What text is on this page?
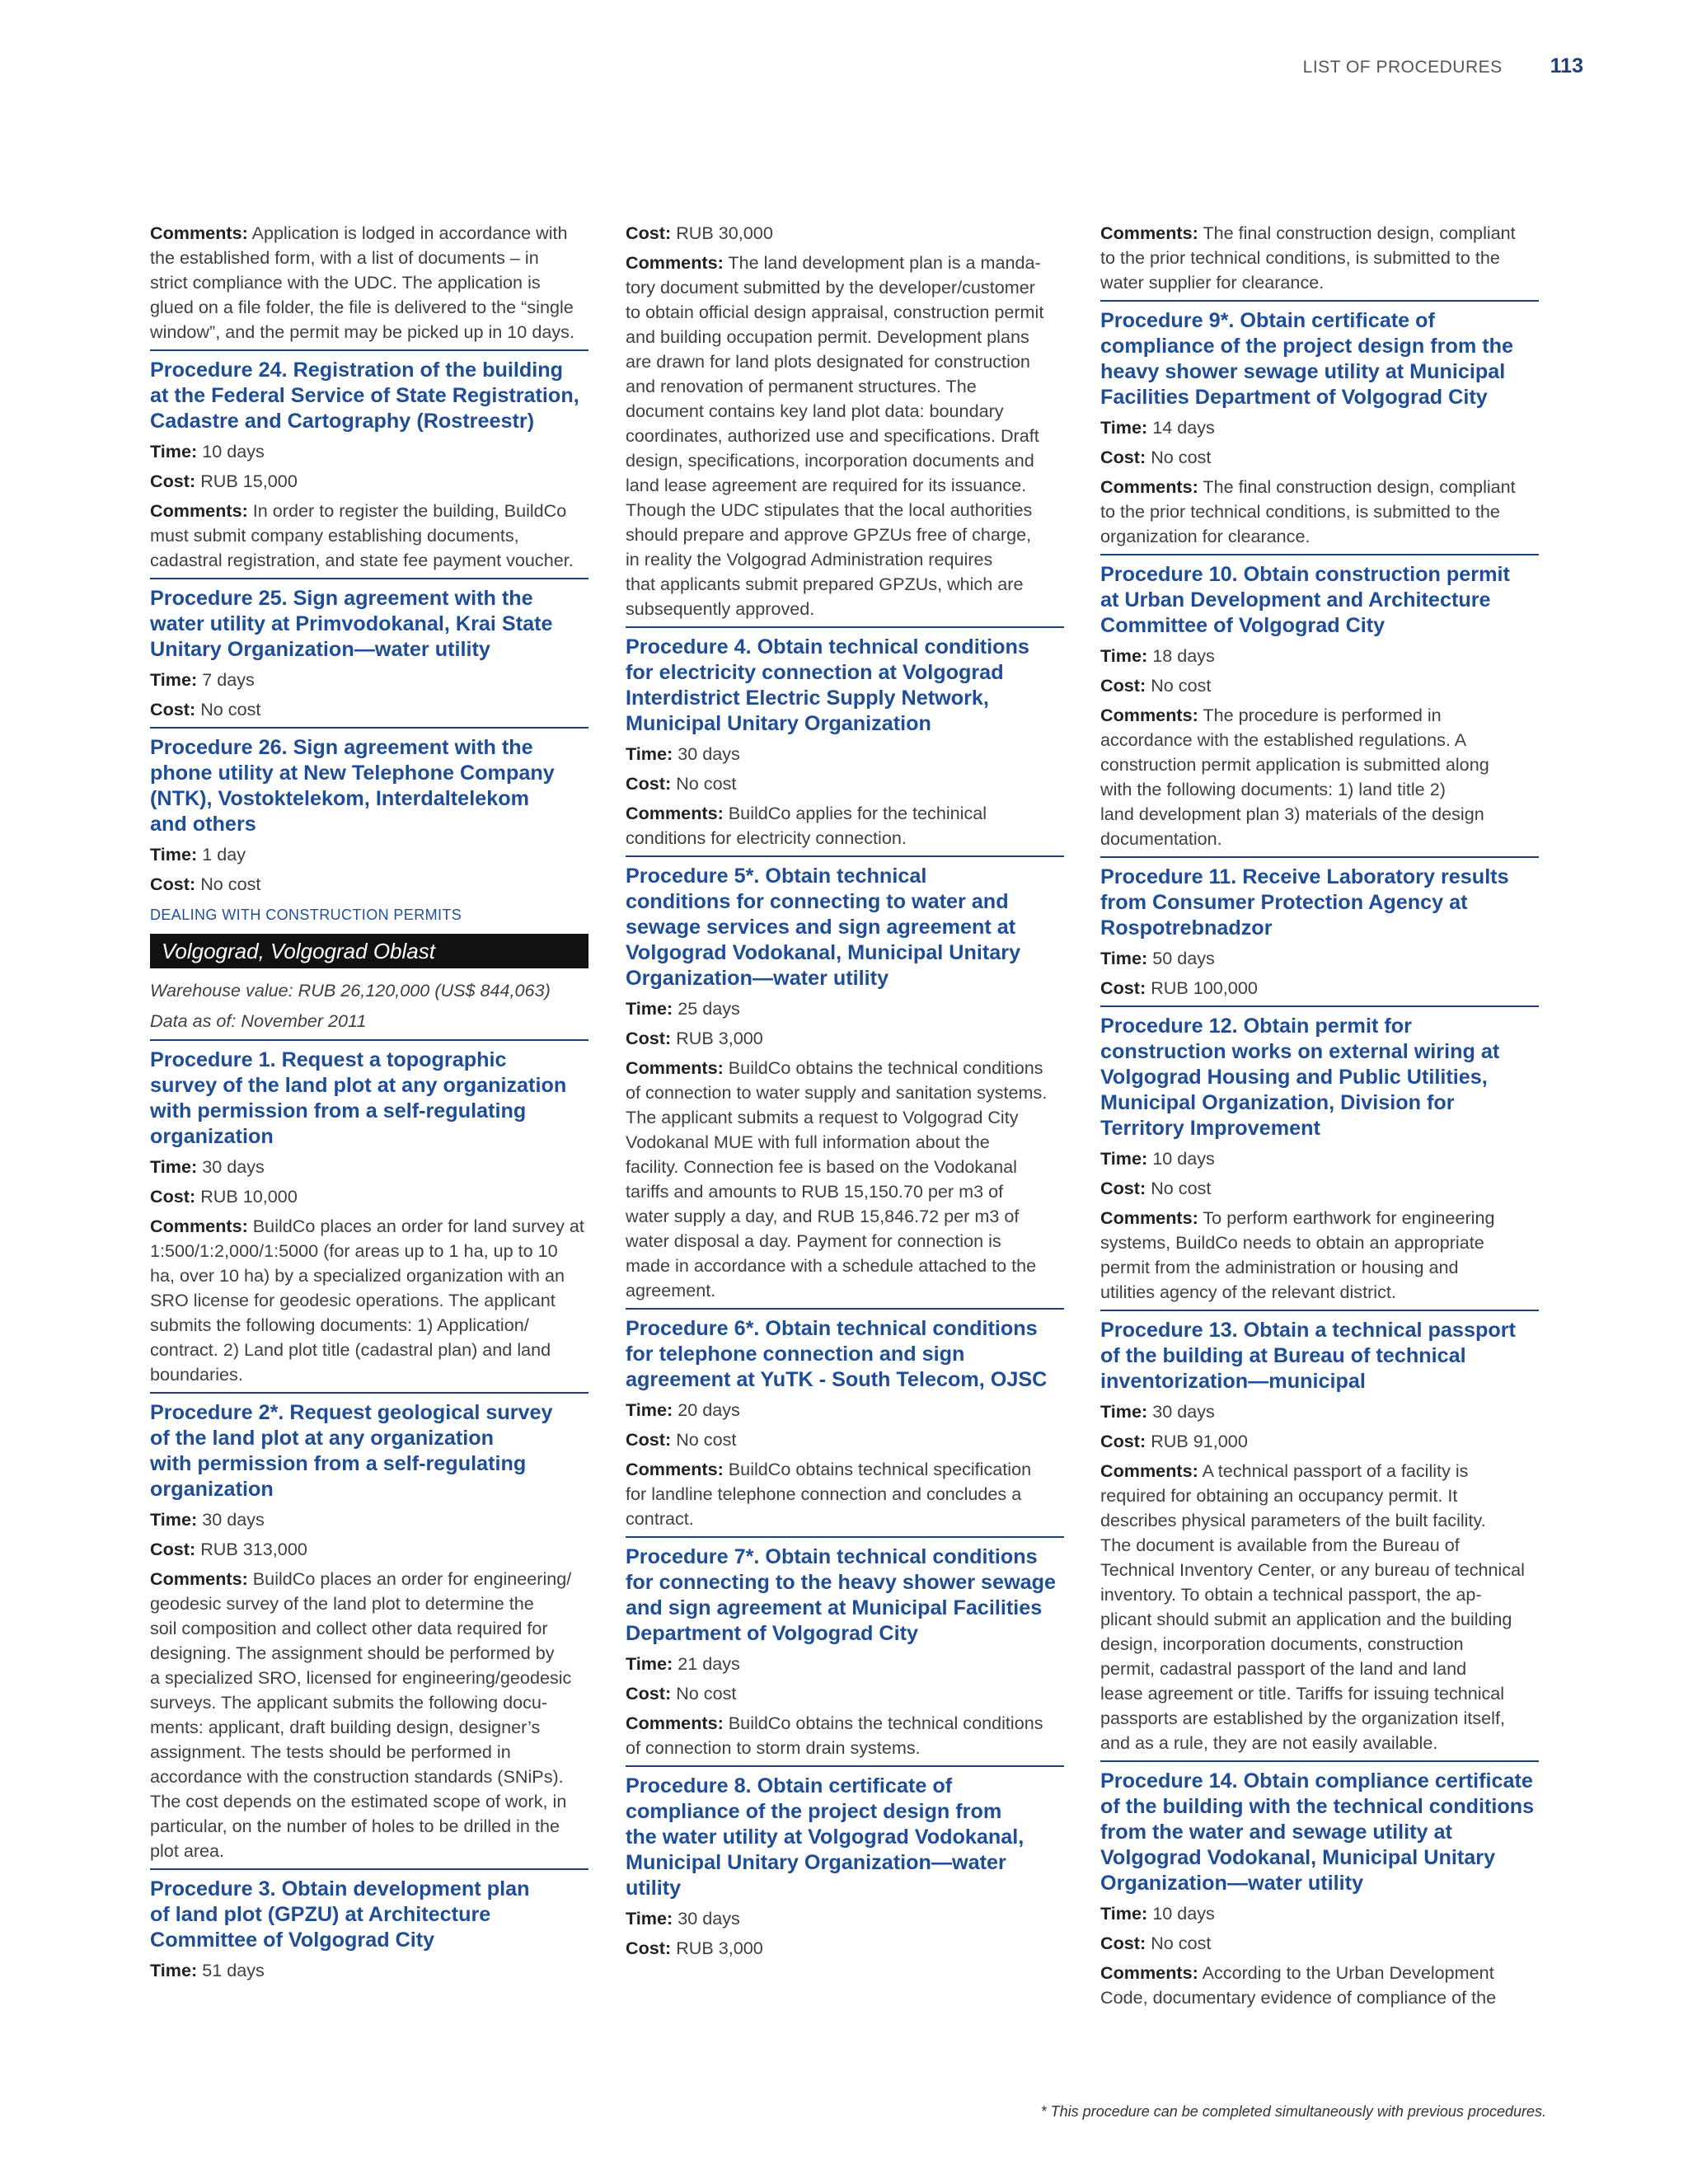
LIST OF PROCEDURES 113
Comments: Application is lodged in accordance with
the established form, with a list of documents – in
strict compliance with the UDC. The application is
glued on a file folder, the file is delivered to the “single
window”, and the permit may be picked up in 10 days.
Procedure 24. Registration of the building
at the Federal Service of State Registration,
Cadastre and Cartography (Rostreestr)
Time: 10 days
Cost: RUB 15,000
Comments: In order to register the building, BuildCo
must submit company establishing documents,
cadastral registration, and state fee payment voucher.
Procedure 25. Sign agreement with the
water utility at Primvodokanal, Krai State
Unitary Organization—water utility
Time: 7 days
Cost: No cost
Procedure 26. Sign agreement with the
phone utility at New Telephone Company
(NTK), Vostoktelekom, Interdaltelekom
and others
Time: 1 day
Cost: No cost
DEALING WITH CONSTRUCTION PERMITS
Volgograd, Volgograd Oblast
Warehouse value: RUB 26,120,000 (US$ 844,063)
Data as of: November 2011
Procedure 1. Request a topographic
survey of the land plot at any organization
with permission from a self-regulating
organization
Time: 30 days
Cost: RUB 10,000
Comments: BuildCo places an order for land survey at
1:500/1:2,000/1:5000 (for areas up to 1 ha, up to 10
ha, over 10 ha) by a specialized organization with an
SRO license for geodesic operations. The applicant
submits the following documents: 1) Application/
contract. 2) Land plot title (cadastral plan) and land
boundaries.
Procedure 2*. Request geological survey
of the land plot at any organization
with permission from a self-regulating
organization
Time: 30 days
Cost: RUB 313,000
Comments: BuildCo places an order for engineering/
geodesic survey of the land plot to determine the
soil composition and collect other data required for
designing. The assignment should be performed by
a specialized SRO, licensed for engineering/geodesic
surveys. The applicant submits the following docu-
ments: applicant, draft building design, designer’s
assignment. The tests should be performed in
accordance with the construction standards (SNiPs).
The cost depends on the estimated scope of work, in
particular, on the number of holes to be drilled in the
plot area.
Procedure 3. Obtain development plan
of land plot (GPZU) at Architecture
Committee of Volgograd City
Time: 51 days
Cost: RUB 30,000
Comments: The land development plan is a manda-
tory document submitted by the developer/customer
to obtain official design appraisal, construction permit
and building occupation permit. Development plans
are drawn for land plots designated for construction
and renovation of permanent structures. The
document contains key land plot data: boundary
coordinates, authorized use and specifications. Draft
design, specifications, incorporation documents and
land lease agreement are required for its issuance.
Though the UDC stipulates that the local authorities
should prepare and approve GPZUs free of charge,
in reality the Volgograd Administration requires
that applicants submit prepared GPZUs, which are
subsequently approved.
Procedure 4. Obtain technical conditions
for electricity connection at Volgograd
Interdistrict Electric Supply Network,
Municipal Unitary Organization
Time: 30 days
Cost: No cost
Comments: BuildCo applies for the techinical
conditions for electricity connection.
Procedure 5*. Obtain technical
conditions for connecting to water and
sewage services and sign agreement at
Volgograd Vodokanal, Municipal Unitary
Organization—water utility
Time: 25 days
Cost: RUB 3,000
Comments: BuildCo obtains the technical conditions
of connection to water supply and sanitation systems.
The applicant submits a request to Volgograd City
Vodokanal MUE with full information about the
facility. Connection fee is based on the Vodokanal
tariffs and amounts to RUB 15,150.70 per m3 of
water supply a day, and RUB 15,846.72 per m3 of
water disposal a day. Payment for connection is
made in accordance with a schedule attached to the
agreement.
Procedure 6*. Obtain technical conditions
for telephone connection and sign
agreement at YuTK - South Telecom, OJSC
Time: 20 days
Cost: No cost
Comments: BuildCo obtains technical specification
for landline telephone connection and concludes a
contract.
Procedure 7*. Obtain technical conditions
for connecting to the heavy shower sewage
and sign agreement at Municipal Facilities
Department of Volgograd City
Time: 21 days
Cost: No cost
Comments: BuildCo obtains the technical conditions
of connection to storm drain systems.
Procedure 8. Obtain certificate of
compliance of the project design from
the water utility at Volgograd Vodokanal,
Municipal Unitary Organization—water
utility
Time: 30 days
Cost: RUB 3,000
Comments: The final construction design, compliant
to the prior technical conditions, is submitted to the
water supplier for clearance.
Procedure 9*. Obtain certificate of
compliance of the project design from the
heavy shower sewage utility at Municipal
Facilities Department of Volgograd City
Time: 14 days
Cost: No cost
Comments: The final construction design, compliant
to the prior technical conditions, is submitted to the
organization for clearance.
Procedure 10. Obtain construction permit
at Urban Development and Architecture
Committee of Volgograd City
Time: 18 days
Cost: No cost
Comments: The procedure is performed in
accordance with the established regulations. A
construction permit application is submitted along
with the following documents: 1) land title 2)
land development plan 3) materials of the design
documentation.
Procedure 11. Receive Laboratory results
from Consumer Protection Agency at
Rospotrebnadzor
Time: 50 days
Cost: RUB 100,000
Procedure 12. Obtain permit for
construction works on external wiring at
Volgograd Housing and Public Utilities,
Municipal Organization, Division for
Territory Improvement
Time: 10 days
Cost: No cost
Comments: To perform earthwork for engineering
systems, BuildCo needs to obtain an appropriate
permit from the administration or housing and
utilities agency of the relevant district.
Procedure 13. Obtain a technical passport
of the building at Bureau of technical
inventorization—municipal
Time: 30 days
Cost: RUB 91,000
Comments: A technical passport of a facility is
required for obtaining an occupancy permit. It
describes physical parameters of the built facility.
The document is available from the Bureau of
Technical Inventory Center, or any bureau of technical
inventory. To obtain a technical passport, the ap-
plicant should submit an application and the building
design, incorporation documents, construction
permit, cadastral passport of the land and land
lease agreement or title. Tariffs for issuing technical
passports are established by the organization itself,
and as a rule, they are not easily available.
Procedure 14. Obtain compliance certificate
of the building with the technical conditions
from the water and sewage utility at
Volgograd Vodokanal, Municipal Unitary
Organization—water utility
Time: 10 days
Cost: No cost
Comments: According to the Urban Development
Code, documentary evidence of compliance of the
* This procedure can be completed simultaneously with previous procedures.
